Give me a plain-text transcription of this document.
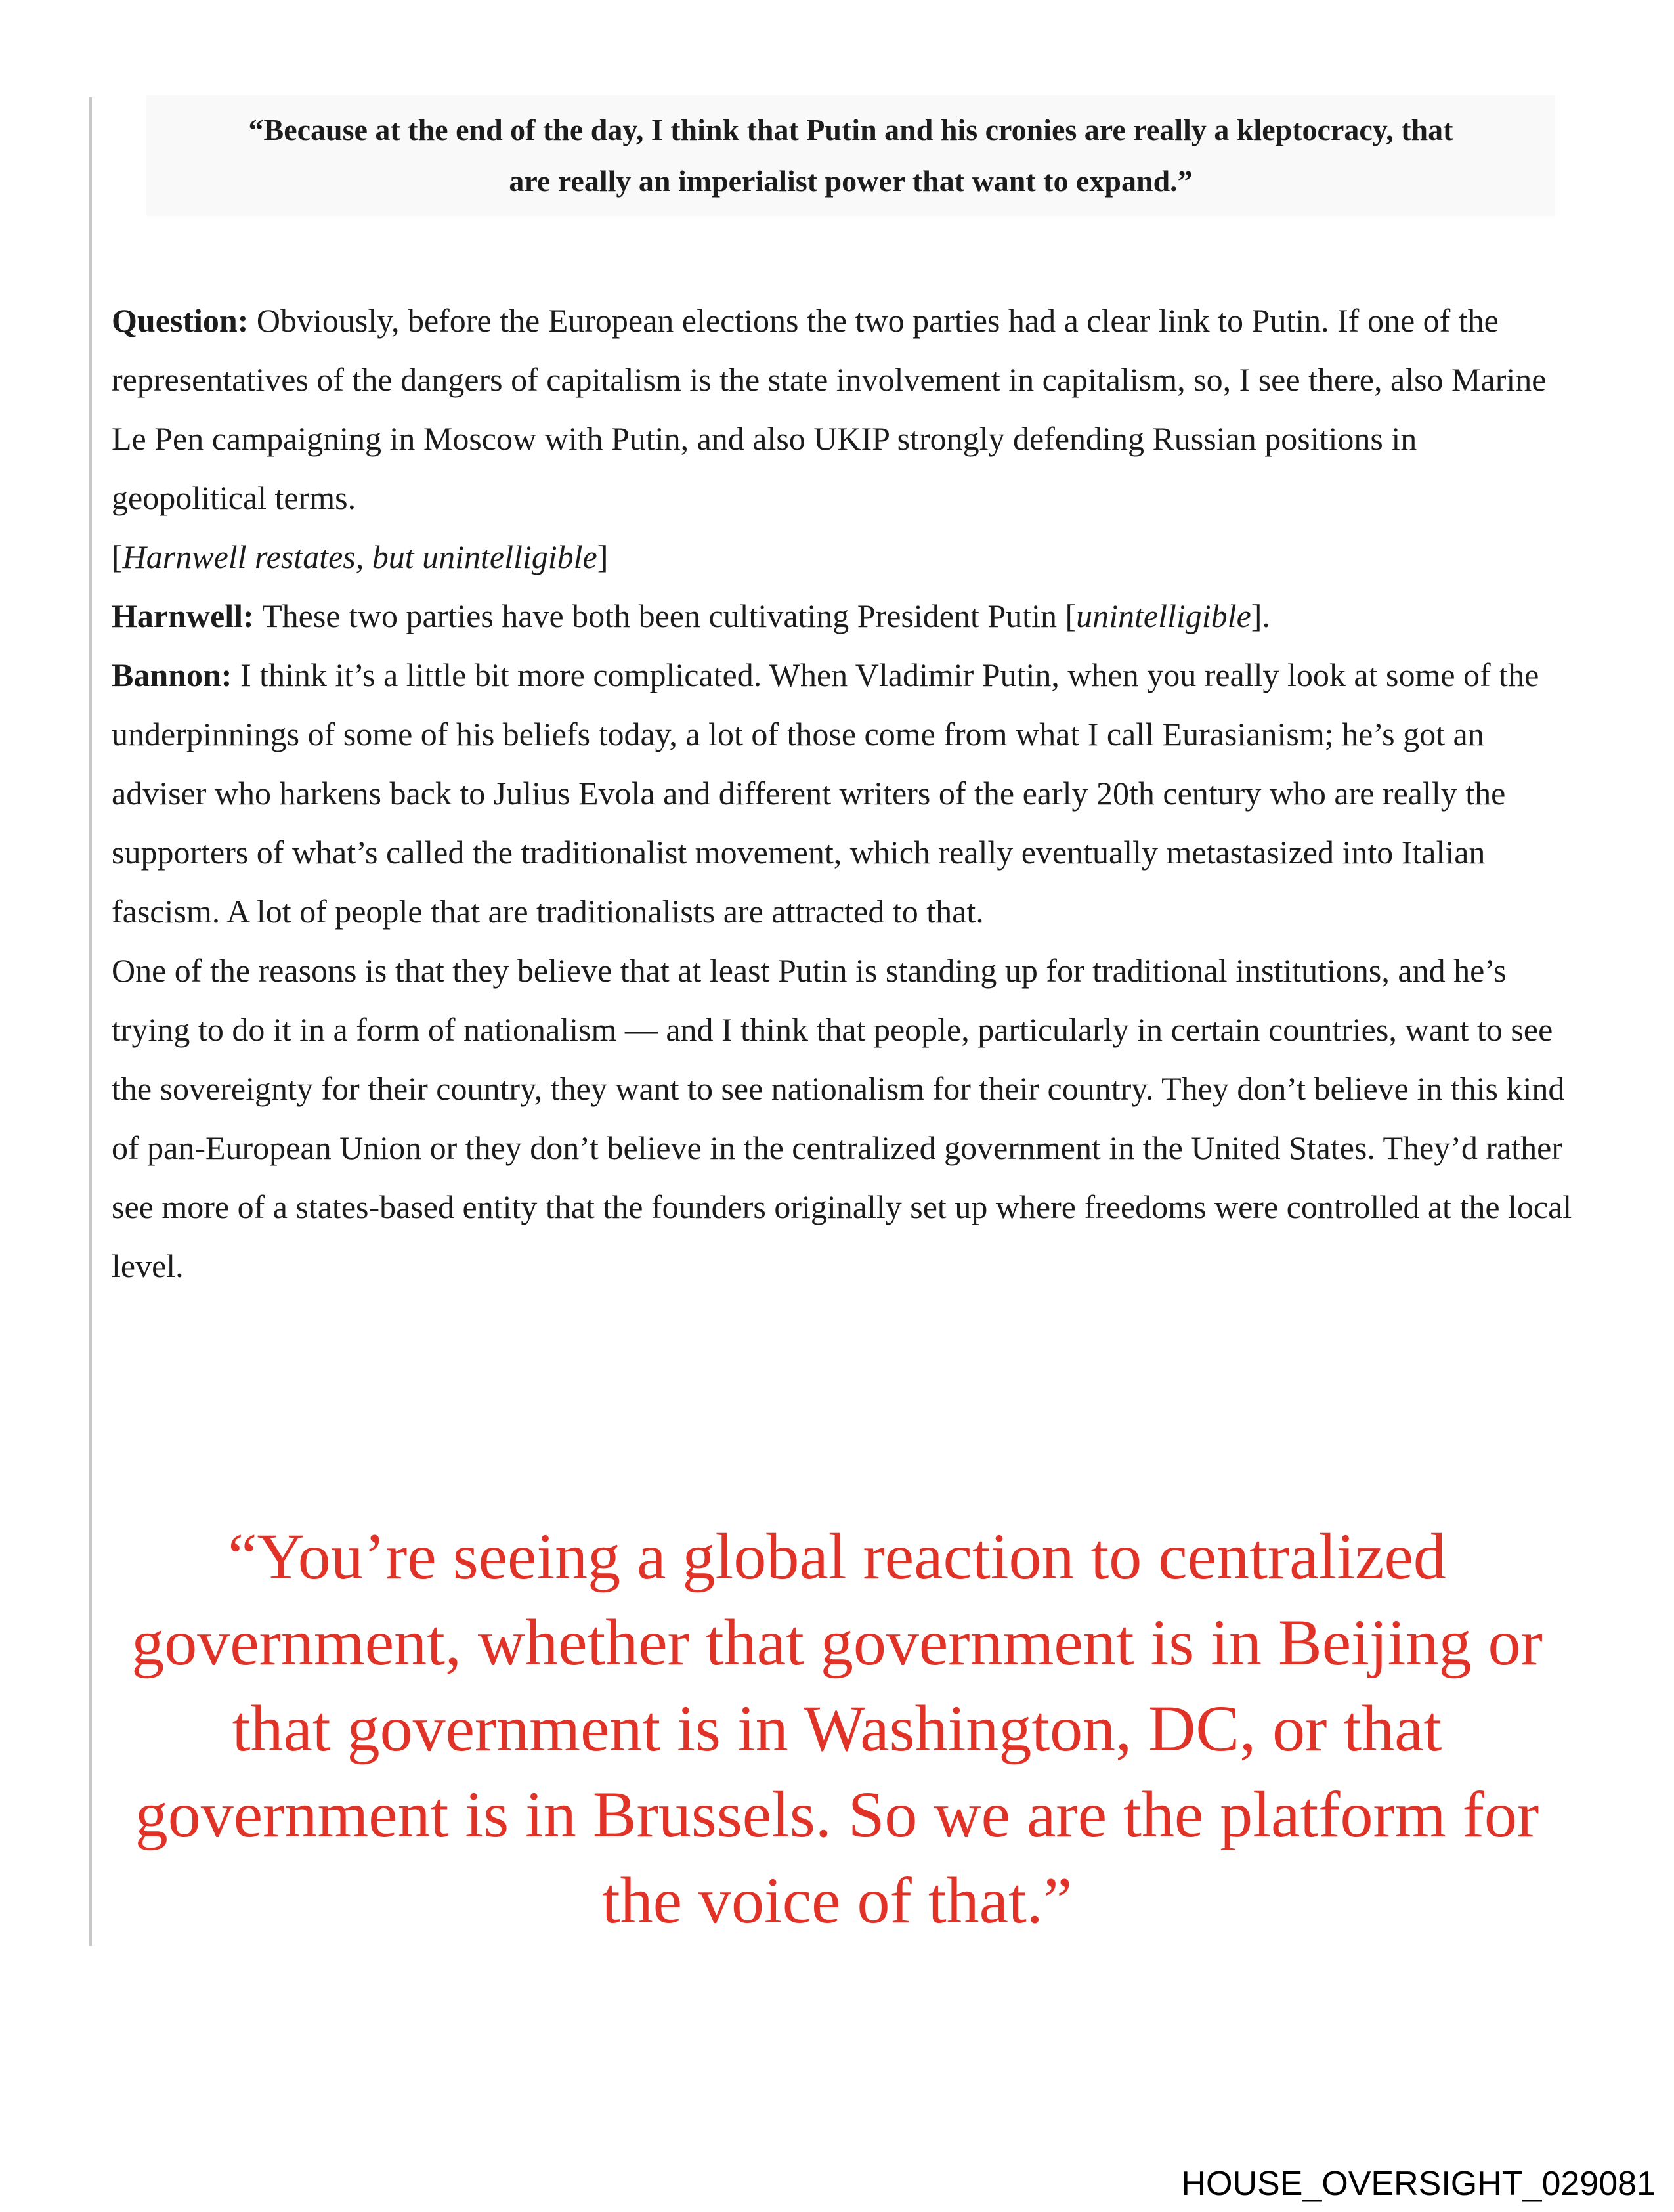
“Because at the end of the day, I think that Putin and his cronies are really a kleptocracy, that are really an imperialist power that want to expand.”

Question: Obviously, before the European elections the two parties had a clear link to Putin. If one of the representatives of the dangers of capitalism is the state involvement in capitalism, so, I see there, also Marine Le Pen campaigning in Moscow with Putin, and also UKIP strongly defending Russian positions in geopolitical terms.

[Harnwell restates, but unintelligible]

Harnwell: These two parties have both been cultivating President Putin [unintelligible].

Bannon: I think it’s a little bit more complicated. When Vladimir Putin, when you really look at some of the underpinnings of some of his beliefs today, a lot of those come from what I call Eurasianism; he’s got an adviser who harkens back to Julius Evola and different writers of the early 20th century who are really the supporters of what’s called the traditionalist movement, which really eventually metastasized into Italian fascism. A lot of people that are traditionalists are attracted to that.

One of the reasons is that they believe that at least Putin is standing up for traditional institutions, and he’s trying to do it in a form of nationalism — and I think that people, particularly in certain countries, want to see the sovereignty for their country, they want to see nationalism for their country. They don’t believe in this kind of pan-European Union or they don’t believe in the centralized government in the United States. They’d rather see more of a states-based entity that the founders originally set up where freedoms were controlled at the local level.

“You’re seeing a global reaction to centralized government, whether that government is in Beijing or that government is in Washington, DC, or that government is in Brussels. So we are the platform for the voice of that.”
HOUSE_OVERSIGHT_029081
